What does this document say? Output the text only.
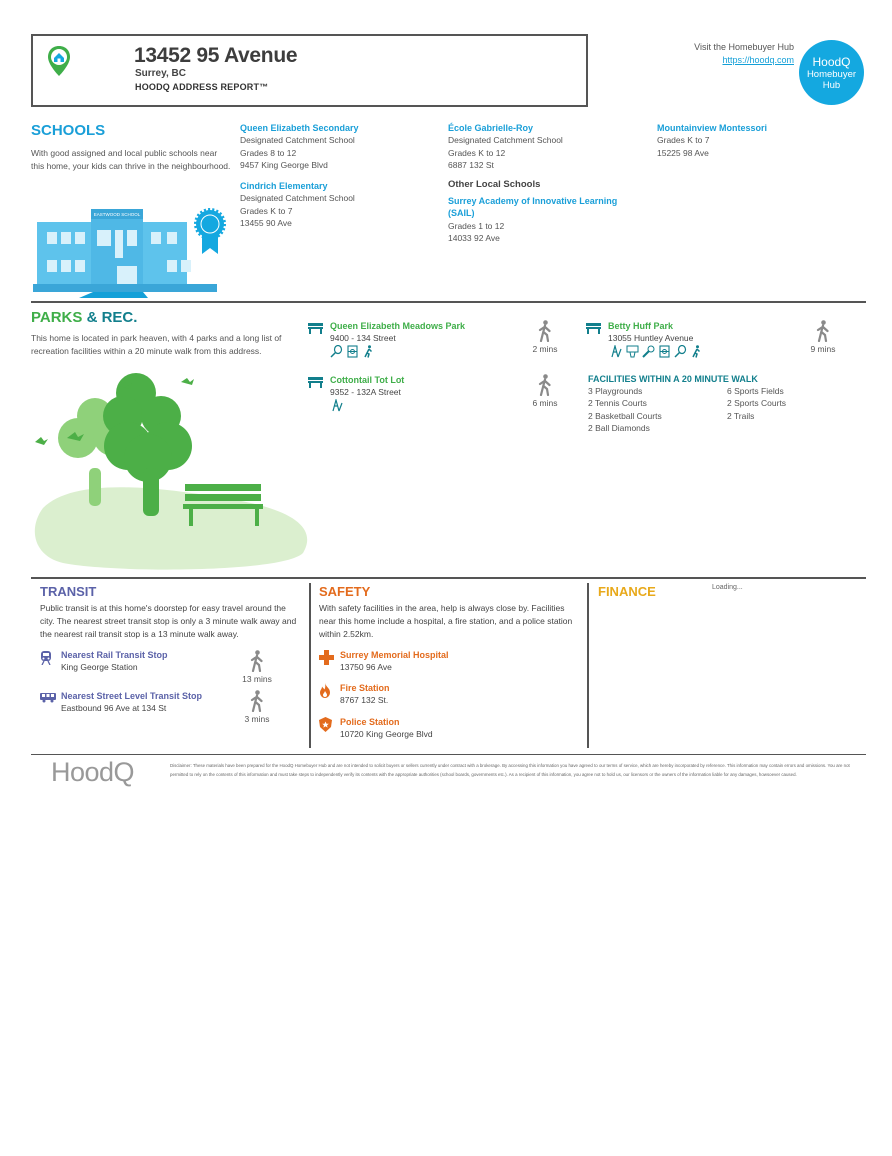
13452 95 Avenue
Surrey, BC
HOODQ ADDRESS REPORT™
Visit the Homebuyer Hub
https://hoodq.com	HoodQ
Homebuyer
Hub
SCHOOLS
With good assigned and local public schools near this home, your kids can thrive in the neighbourhood.
EASTWOOD SCHOOL
Queen Elizabeth Secondary
Designated Catchment School
Grades 8 to 12
9457 King George Blvd
Cindrich Elementary
Designated Catchment School
Grades K to 7
13455 90 Ave
École Gabrielle-Roy
Designated Catchment School
Grades K to 12
6887 132 St
Other Local Schools
Surrey Academy of Innovative Learning
(SAIL)
Grades 1 to 12
14033 92 Ave
Mountainview Montessori
Grades K to 7
15225 98 Ave
PARKS & REC.
This home is located in park heaven, with 4 parks and a long list of recreation facilities within a 20 minute walk from this address.
Queen Elizabeth Meadows Park
9400 - 134 Street
2 mins
Betty Huff Park
13055 Huntley Avenue
9 mins
Cottontail Tot Lot
9352 - 132A Street
6 mins
FACILITIES WITHIN A 20 MINUTE WALK
3 Playgrounds
2 Tennis Courts
2 Basketball Courts
2 Ball Diamonds
6 Sports Fields
2 Sports Courts
2 Trails
TRANSIT
Public transit is at this home's doorstep for easy travel around the city. The nearest street transit stop is only a 3 minute walk away and the nearest rail transit stop is a 13 minute walk away.
Nearest Rail Transit Stop
King George Station
13 mins
Nearest Street Level Transit Stop
Eastbound 96 Ave at 134 St
3 mins
SAFETY
With safety facilities in the area, help is always close by. Facilities near this home include a hospital, a fire station, and a police station within 2.52km.
Surrey Memorial Hospital
13750 96 Ave
Fire Station
8767 132 St.
Police Station
10720 King George Blvd
FINANCE	Loading...
HoodQ	Disclaimer: These materials have been prepared for the HoodQ Homebuyer Hub and are not intended to solicit buyers or sellers currently under contract with a brokerage. By accessing this information you have agreed to our terms of service, which are hereby incorporated by reference. This information may contain errors and omissions. You are not permitted to rely on the contents of this information and must take steps to independently verify its contents with the appropriate authorities (school boards, governments etc.). As a recipient of this information, you agree not to hold us, our licensors or the owners of the information liable for any damages, howsoever caused.
